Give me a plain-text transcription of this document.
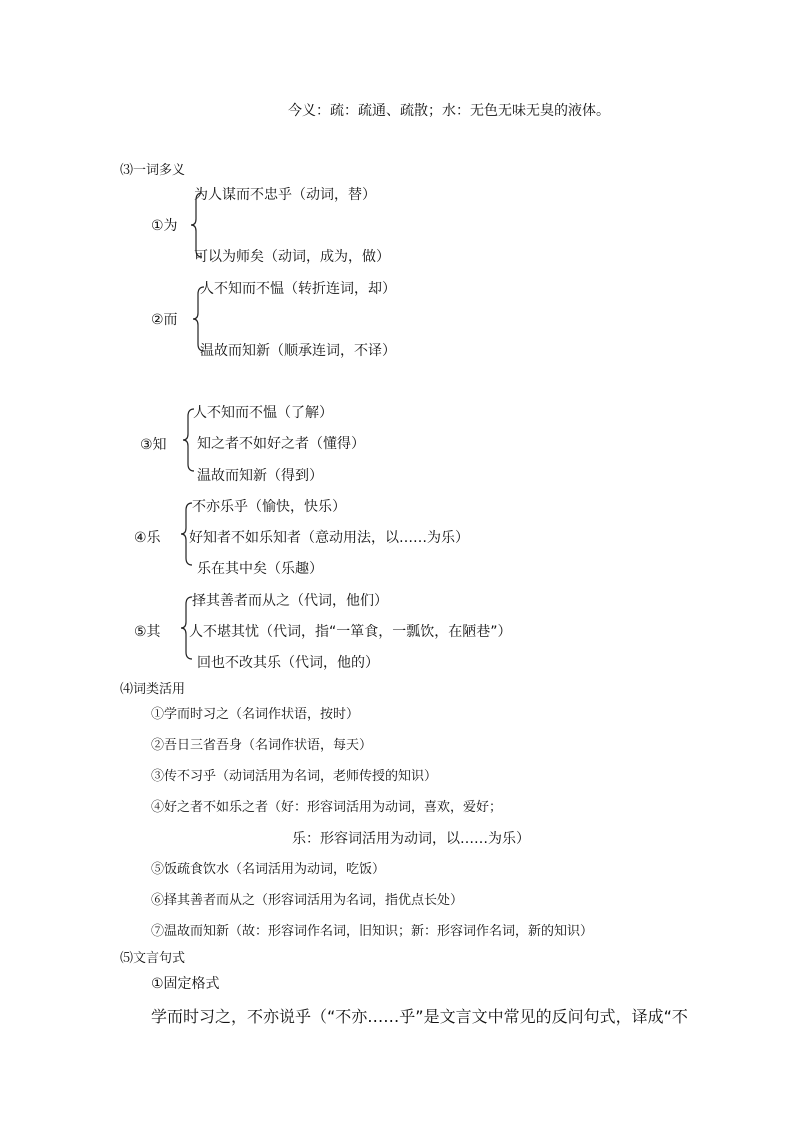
今义：疏：疏通、疏散；水：无色无味无臭的液体。
⑶一词多义
为人谋而不忠乎（动词，替）
①为
可以为师矣（动词，成为，做）
人不知而不愠（转折连词，却）
②而
温故而知新（顺承连词，不译）
人不知而不愠（了解）
③知 知之者不如好之者（懂得）
温故而知新（得到）
不亦乐乎（愉快，快乐）
④乐 好知者不如乐知者（意动用法，以……为乐）
乐在其中矣（乐趣）
择其善者而从之（代词，他们）
⑤其 人不堪其忧（代词，指“一箪食，一瓢饮，在陋巷”）
回也不改其乐（代词，他的）
⑷词类活用
①学而时习之（名词作状语，按时）
②吾日三省吾身（名词作状语，每天）
③传不习乎（动词活用为名词，老师传授的知识）
④好之者不如乐之者（好：形容词活用为动词，喜欢，爱好；
乐：形容词活用为动词，以……为乐）
⑤饭疏食饮水（名词活用为动词，吃饭）
⑥择其善者而从之（形容词活用为名词，指优点长处）
⑦温故而知新（故：形容词作名词，旧知识；新：形容词作名词，新的知识）
⑸文言句式
①固定格式
学而时习之，不亦说乎（“不亦……乎”是文言文中常见的反问句式，译成“不
